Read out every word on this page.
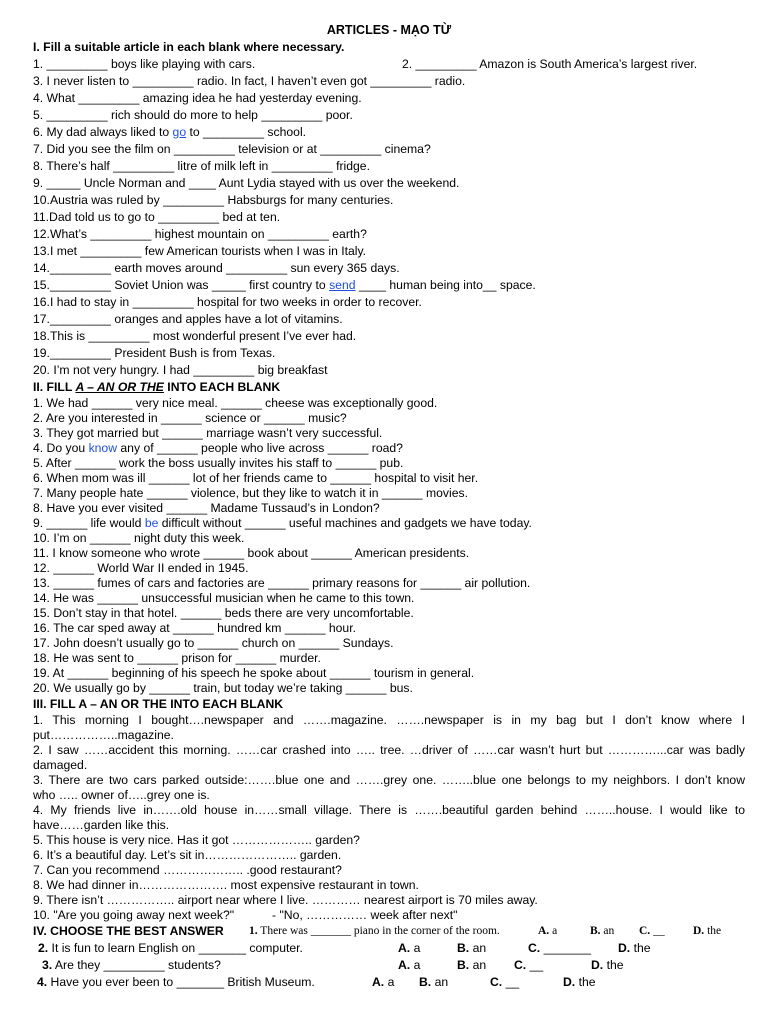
ARTICLES - MẠO TỪ
I. Fill a suitable article in each blank where necessary.
1. _________ boys like playing with cars.	2. _________ Amazon is South America’s largest river.
3. I never listen to _________ radio. In fact, I haven’t even got _________ radio.
4. What _________ amazing idea he had yesterday evening.
5. _________ rich should do more to help _________ poor.
6. My dad always liked to go to _________ school.
7. Did you see the film on _________ television or at _________ cinema?
8. There’s half _________ litre of milk left in _________ fridge.
9. _____ Uncle Norman and ____ Aunt Lydia stayed with us over the weekend.
10.Austria was ruled by _________ Habsburgs for many centuries.
11.Dad told us to go to _________ bed at ten.
12.What’s _________ highest mountain on _________ earth?
13.I met _________ few American tourists when I was in Italy.
14._________ earth moves around _________ sun every 365 days.
15._________ Soviet Union was _____ first country to send ____ human being into__ space.
16.I had to stay in _________ hospital for two weeks in order to recover.
17._________ oranges and apples have a lot of vitamins.
18.This is _________ most wonderful present I’ve ever had.
19._________ President Bush is from Texas.
20. I’m not very hungry. I had _________ big breakfast
II. FILL A – AN OR THE INTO EACH BLANK
1. We had ______ very nice meal. ______ cheese was exceptionally good.
2. Are you interested in ______ science or ______ music?
3. They got married but ______ marriage wasn’t very successful.
4. Do you know any of ______ people who live across ______ road?
5. After ______ work the boss usually invites his staff to ______ pub.
6. When mom was ill ______ lot of her friends came to ______ hospital to visit her.
7. Many people hate ______ violence, but they like to watch it in ______ movies.
8. Have you ever visited ______ Madame Tussaud’s in London?
9. ______ life would be difficult without ______ useful machines and gadgets we have today.
10. I’m on ______ night duty this week.
11. I know someone who wrote ______ book about ______ American presidents.
12. ______ World War II ended in 1945.
13. ______ fumes of cars and factories are ______ primary reasons for ______ air pollution.
14. He was ______ unsuccessful musician when he came to this town.
15. Don’t stay in that hotel. ______ beds there are very uncomfortable.
16. The car sped away at ______ hundred km ______ hour.
17. John doesn’t usually go to ______ church on ______ Sundays.
18. He was sent to ______ prison for ______ murder.
19. At ______ beginning of his speech he spoke about ______ tourism in general.
20. We usually go by ______ train, but today we’re taking ______ bus.
III. FILL A – AN OR THE INTO EACH BLANK
1. This morning I bought….newspaper and …….magazine. …….newspaper is in my bag but I don’t know where I
put……………..magazine.
2. I saw ……accident this morning. ……car crashed into ….. tree. …driver of ……car wasn’t hurt but …………...car was badly
damaged.
3. There are two cars parked outside:…….blue one and …….grey one. ……..blue one belongs to my neighbors. I don’t know
who ….. owner of…..grey one is.
4. My friends live in…….old house in……small village. There is …….beautiful garden behind ……..house. I would like to
have……garden like this.
5. This house is very nice. Has it got ……………….. garden?
6. It’s a beautiful day. Let’s sit in………………….. garden.
7. Can you recommend ……………….. .good restaurant?
8. We had dinner in…………………. most expensive restaurant in town.
9. There isn’t …………….. airport near where I live. ………… nearest airport is 70 miles away.
10. "Are you going away next week?"	- "No, …………… week after next"
IV. CHOOSE THE BEST ANSWER 1. There was _______ piano in the corner of the room.	A. a	B. an C. __ D. the
2. It is fun to learn English on _______ computer.	A. a	B. an	C. _______ D. the
3. Are they _________ students?	A. a	B. an C. __	D. the
4. Have you ever been to _______ British Museum.	A. a B. an	C. __	D. the
